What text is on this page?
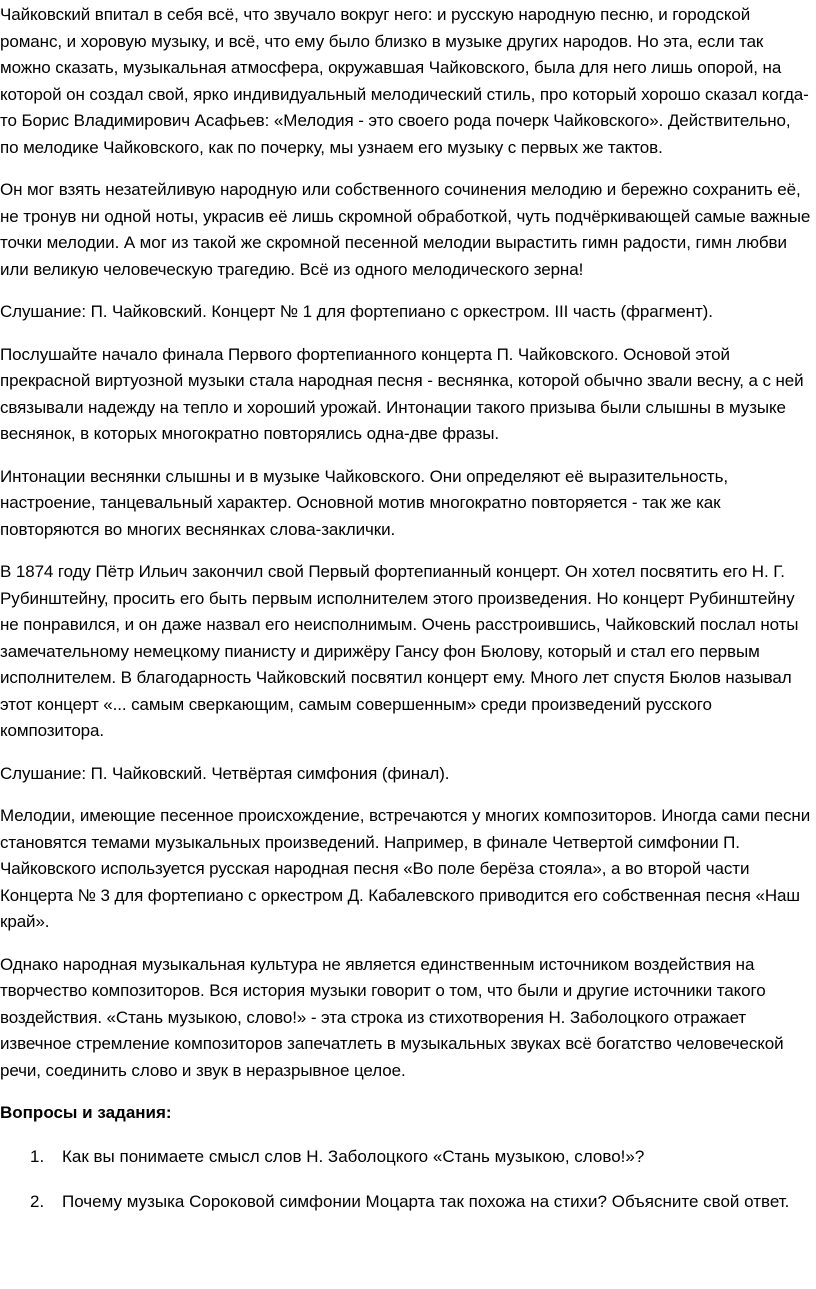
Чайковский впитал в себя всё, что звучало вокруг него: и русскую народную песню, и городской романс, и хоровую музыку, и всё, что ему было близко в музыке других народов. Но эта, если так можно сказать, музыкальная атмосфера, окружавшая Чайковского, была для него лишь опорой, на которой он создал свой, ярко индивидуальный мелодический стиль, про который хорошо сказал когда-то Борис Владимирович Асафьев: «Мелодия - это своего рода почерк Чайковского». Действительно, по мелодике Чайковского, как по почерку, мы узнаем его музыку с первых же тактов.

Он мог взять незатейливую народную или собственного сочинения мелодию и бережно сохранить её, не тронув ни одной ноты, украсив её лишь скромной обработкой, чуть подчёркивающей самые важные точки мелодии. А мог из такой же скромной песенной мелодии вырастить гимн радости, гимн любви или великую человеческую трагедию. Всё из одного мелодического зерна!

Слушание: П. Чайковский. Концерт № 1 для фортепиано с оркестром. III часть (фрагмент).

Послушайте начало финала Первого фортепианного концерта П. Чайковского. Основой этой прекрасной виртуозной музыки стала народная песня - веснянка, которой обычно звали весну, а с ней связывали надежду на тепло и хороший урожай. Интонации такого призыва были слышны в музыке веснянок, в которых многократно повторялись одна-две фразы.

Интонации веснянки слышны и в музыке Чайковского. Они определяют её выразительность, настроение, танцевальный характер. Основной мотив многократно повторяется - так же как повторяются во многих веснянках слова-заклички.

В 1874 году Пётр Ильич закончил свой Первый фортепианный концерт. Он хотел посвятить его Н. Г. Рубинштейну, просить его быть первым исполнителем этого произведения. Но концерт Рубинштейну не понравился, и он даже назвал его неисполнимым. Очень расстроившись, Чайковский послал ноты замечательному немецкому пианисту и дирижёру Гансу фон Бюлову, который и стал его первым исполнителем. В благодарность Чайковский посвятил концерт ему. Много лет спустя Бюлов называл этот концерт «... самым сверкающим, самым совершенным» среди произведений русского композитора.

Слушание: П. Чайковский. Четвёртая симфония (финал).

Мелодии, имеющие песенное происхождение, встречаются у многих композиторов. Иногда сами песни становятся темами музыкальных произведений. Например, в финале Четвертой симфонии П. Чайковского используется русская народная песня «Во поле берёза стояла», а во второй части Концерта № 3 для фортепиано с оркестром Д. Кабалевского приводится его собственная песня «Наш край».

Однако народная музыкальная культура не является единственным источником воздействия на творчество композиторов. Вся история музыки говорит о том, что были и другие источники такого воздействия. «Стань музыкою, слово!» - эта строка из стихотворения Н. Заболоцкого отражает извечное стремление композиторов запечатлеть в музыкальных звуках всё богатство человеческой речи, соединить слово и звук в неразрывное целое.

Вопросы и задания:
1.	Как вы понимаете смысл слов Н. Заболоцкого «Стань музыкою, слово!»?
2.	Почему музыка Сороковой симфонии Моцарта так похожа на стихи? Объясните свой ответ.
